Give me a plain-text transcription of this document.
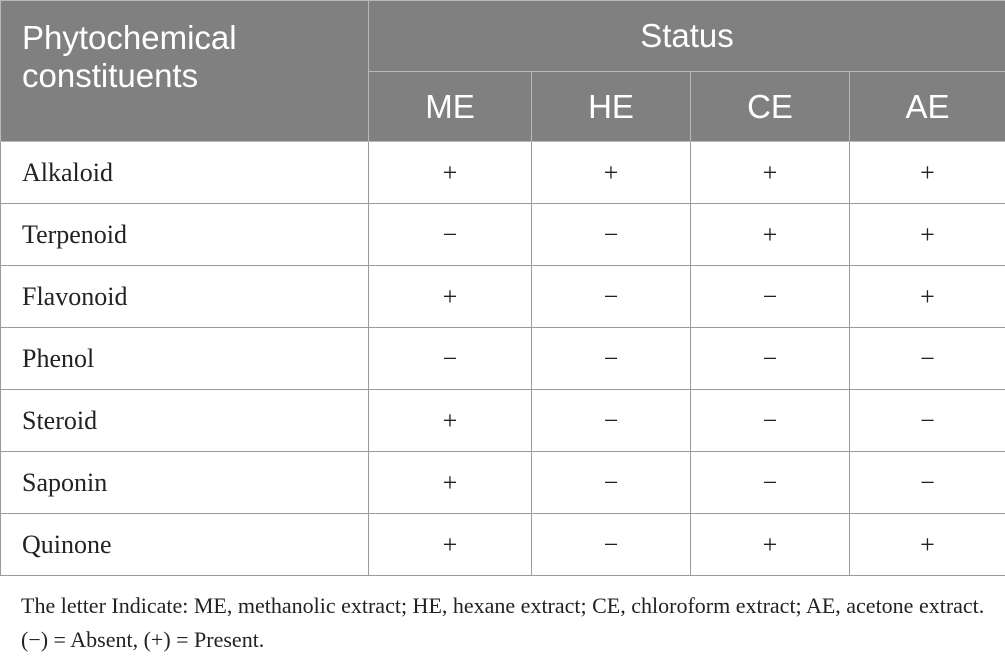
Phytochemical constituents	Status			
	ME	HE	CE	AE
Alkaloid	+	+	+	+
Terpenoid	−	−	+	+
Flavonoid	+	−	−	+
Phenol	−	−	−	−
Steroid	+	−	−	−
Saponin	+	−	−	−
Quinone	+	−	+	+
The letter Indicate: ME, methanolic extract; HE, hexane extract; CE, chloroform extract; AE, acetone extract. (−) = Absent, (+) = Present.
